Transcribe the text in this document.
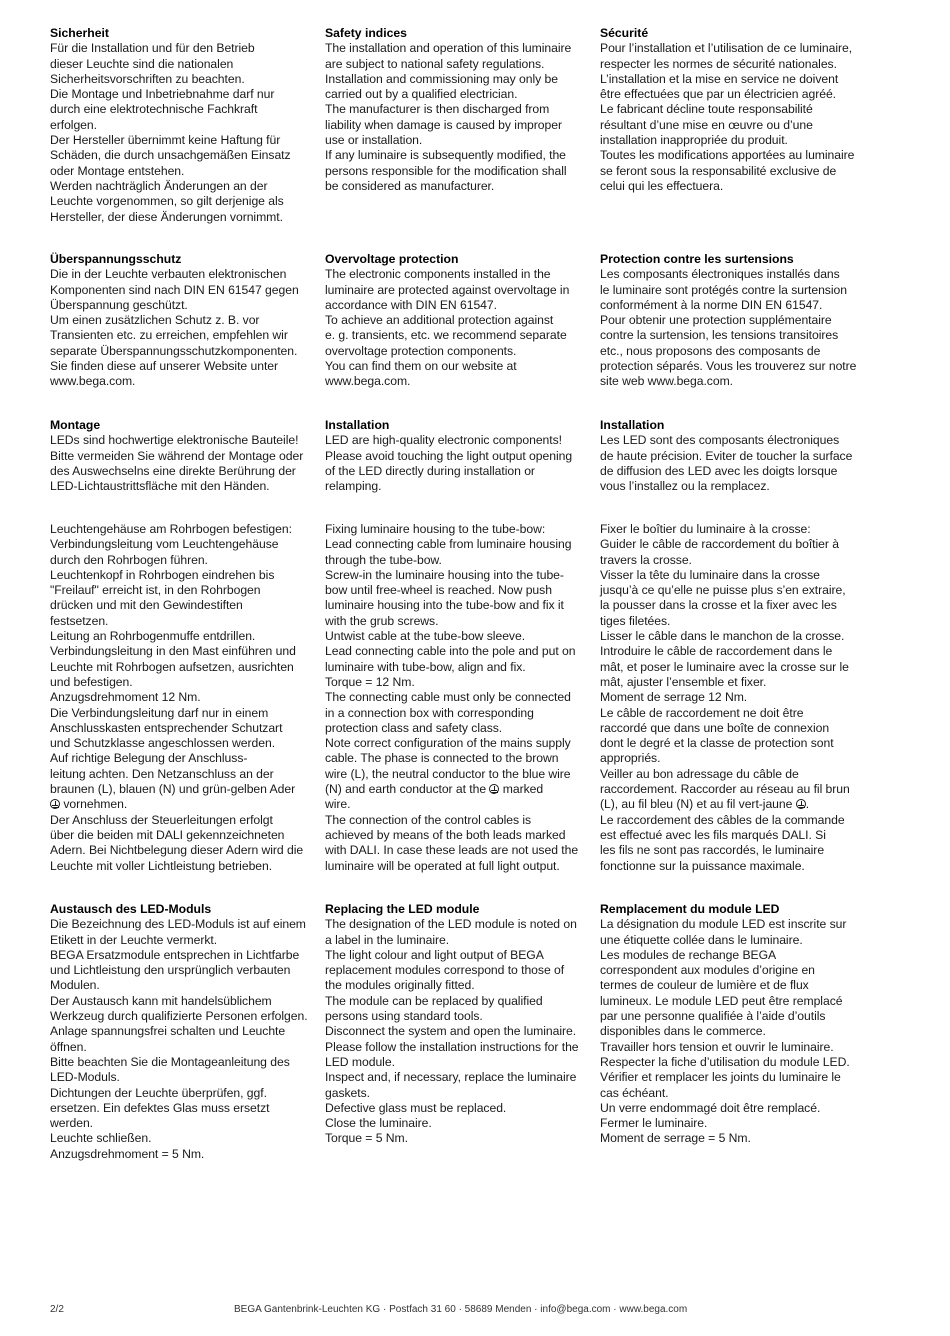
Sicherheit
Für die Installation und für den Betrieb
dieser Leuchte sind die nationalen
Sicherheitsvorschriften zu beachten.
Die Montage und Inbetriebnahme darf nur
durch eine elektrotechnische Fachkraft
erfolgen.
Der Hersteller übernimmt keine Haftung für
Schäden, die durch unsachgemäßen Einsatz
oder Montage entstehen.
Werden nachträglich Änderungen an der
Leuchte vorgenommen, so gilt derjenige als
Hersteller, der diese Änderungen vornimmt.
Überspannungsschutz
Die in der Leuchte verbauten elektronischen
Komponenten sind nach DIN EN 61547 gegen
Überspannung geschützt.
Um einen zusätzlichen Schutz z. B. vor
Transienten etc. zu erreichen, empfehlen wir
separate Überspannungsschutzkomponenten.
Sie finden diese auf unserer Website unter
www.bega.com.
Montage
LEDs sind hochwertige elektronische Bauteile!
Bitte vermeiden Sie während der Montage oder
des Auswechselns eine direkte Berührung der
LED-Lichtaustrittsfläche mit den Händen.
Leuchtengehäuse am Rohrbogen befestigen:
Verbindungsleitung vom Leuchtengehäuse
durch den Rohrbogen führen.
Leuchtenkopf in Rohrbogen eindrehen bis
"Freilauf" erreicht ist, in den Rohrbogen
drücken und mit den Gewindestiften
festsetzen.
Leitung an Rohrbogenmuffe entdrillen.
Verbindungsleitung in den Mast einführen und
Leuchte mit Rohrbogen aufsetzen, ausrichten
und befestigen.
Anzugsdrehmoment 12 Nm.
Die Verbindungsleitung darf nur in einem
Anschlusskasten entsprechender Schutzart
und Schutzklasse angeschlossen werden.
Auf richtige Belegung der Anschluss-
leitung achten. Den Netzanschluss an der
braunen (L), blauen (N) und grün-gelben Ader
vornehmen.
Der Anschluss der Steuerleitungen erfolgt
über die beiden mit DALI gekennzeichneten
Adern. Bei Nichtbelegung dieser Adern wird die
Leuchte mit voller Lichtleistung betrieben.
Austausch des LED-Moduls
Die Bezeichnung des LED-Moduls ist auf einem
Etikett in der Leuchte vermerkt.
BEGA Ersatzmodule entsprechen in Lichtfarbe
und Lichtleistung den ursprünglich verbauten
Modulen.
Der Austausch kann mit handelsüblichem
Werkzeug durch qualifizierte Personen erfolgen.
Anlage spannungsfrei schalten und Leuchte
öffnen.
Bitte beachten Sie die Montageanleitung des
LED-Moduls.
Dichtungen der Leuchte überprüfen, ggf.
ersetzen. Ein defektes Glas muss ersetzt
werden.
Leuchte schließen.
Anzugsdrehmoment = 5 Nm.
Safety indices
The installation and operation of this luminaire
are subject to national safety regulations.
Installation and commissioning may only be
carried out by a qualified electrician.
The manufacturer is then discharged from
liability when damage is caused by improper
use or installation.
If any luminaire is subsequently modified, the
persons responsible for the modification shall
be considered as manufacturer.
Overvoltage protection
The electronic components installed in the
luminaire are protected against overvoltage in
accordance with DIN EN 61547.
To achieve an additional protection against
e. g. transients, etc. we recommend separate
overvoltage protection components.
You can find them on our website at
www.bega.com.
Installation
LED are high-quality electronic components!
Please avoid touching the light output opening
of the LED directly during installation or
relamping.
Fixing luminaire housing to the tube-bow:
Lead connecting cable from luminaire housing
through the tube-bow.
Screw-in the luminaire housing into the tube-
bow until free-wheel is reached. Now push
luminaire housing into the tube-bow and fix it
with the grub screws.
Untwist cable at the tube-bow sleeve.
Lead connecting cable into the pole and put on
luminaire with tube-bow, align and fix.
Torque = 12 Nm.
The connecting cable must only be connected
in a connection box with corresponding
protection class and safety class.
Note correct configuration of the mains supply
cable. The phase is connected to the brown
wire (L), the neutral conductor to the blue wire
(N) and earth conductor at the  marked
wire.
The connection of the control cables is
achieved by means of the both leads marked
with DALI. In case these leads are not used the
luminaire will be operated at full light output.
Replacing the LED module
The designation of the LED module is noted on
a label in the luminaire.
The light colour and light output of BEGA
replacement modules correspond to those of
the modules originally fitted.
The module can be replaced by qualified
persons using standard tools.
Disconnect the system and open the luminaire.
Please follow the installation instructions for the
LED module.
Inspect and, if necessary, replace the luminaire
gaskets.
Defective glass must be replaced.
Close the luminaire.
Torque = 5 Nm.
Sécurité
Pour l’installation et l’utilisation de ce luminaire,
respecter les normes de sécurité nationales.
L’installation et la mise en service ne doivent
être effectuées que par un électricien agréé.
Le fabricant décline toute responsabilité
résultant d’une mise en œuvre ou d’une
installation inappropriée du produit.
Toutes les modifications apportées au luminaire
se feront sous la responsabilité exclusive de
celui qui les effectuera.
Protection contre les surtensions
Les composants électroniques installés dans
le luminaire sont protégés contre la surtension
conformément à la norme DIN EN 61547.
Pour obtenir une protection supplémentaire
contre la surtension, les tensions transitoires
etc., nous proposons des composants de
protection séparés. Vous les trouverez sur notre
site web www.bega.com.
Installation
Les LED sont des composants électroniques
de haute précision. Eviter de toucher la surface
de diffusion des LED avec les doigts lorsque
vous l’installez ou la remplacez.
Fixer le boîtier du luminaire à la crosse:
Guider le câble de raccordement du boîtier à
travers la crosse.
Visser la tête du luminaire dans la crosse
jusqu’à ce qu’elle ne puisse plus s’en extraire,
la pousser dans la crosse et la fixer avec les
tiges filetées.
Lisser le câble dans le manchon de la crosse.
Introduire le câble de raccordement dans le
mât, et poser le luminaire avec la crosse sur le
mât, ajuster l’ensemble et fixer.
Moment de serrage 12 Nm.
Le câble de raccordement ne doit être
raccordé que dans une boîte de connexion
dont le degré et la classe de protection sont
appropriés.
Veiller au bon adressage du câble de
raccordement. Raccorder au réseau au fil brun
(L), au fil bleu (N) et au fil vert-jaune .
Le raccordement des câbles de la commande
est effectué avec les fils marqués DALI. Si
les fils ne sont pas raccordés, le luminaire
fonctionne sur la puissance maximale.
Remplacement du module LED
La désignation du module LED est inscrite sur
une étiquette collée dans le luminaire.
Les modules de rechange BEGA
correspondent aux modules d’origine en
termes de couleur de lumière et de flux
lumineux. Le module LED peut être remplacé
par une personne qualifiée à l’aide d’outils
disponibles dans le commerce.
Travailler hors tension et ouvrir le luminaire.
Respecter la fiche d’utilisation du module LED.
Vérifier et remplacer les joints du luminaire le
cas échéant.
Un verre endommagé doit être remplacé.
Fermer le luminaire.
Moment de serrage = 5 Nm.
2/2	BEGA Gantenbrink-Leuchten KG · Postfach 31 60 · 58689 Menden · info@bega.com · www.bega.com
